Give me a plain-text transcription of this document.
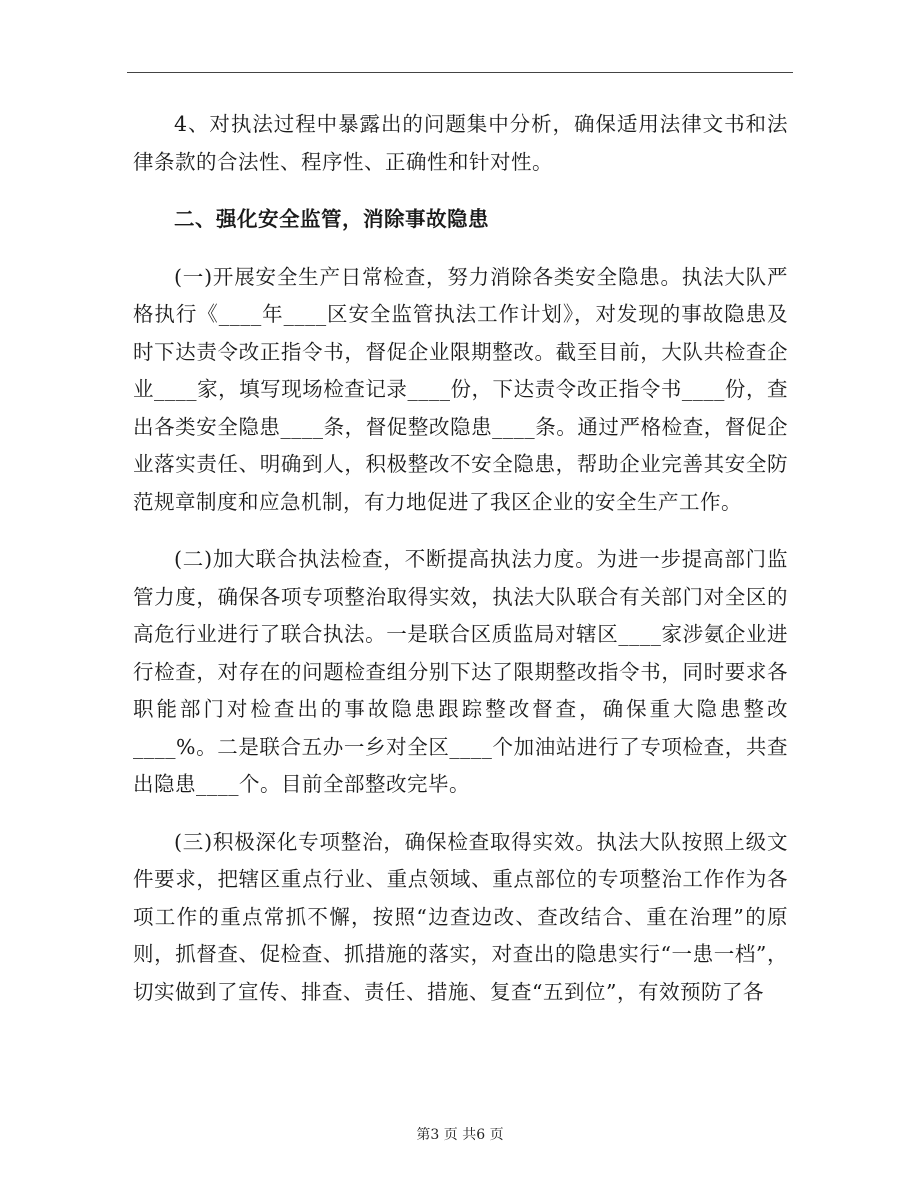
4、对执法过程中暴露出的问题集中分析，确保适用法律文书和法律条款的合法性、程序性、正确性和针对性。

二、强化安全监管，消除事故隐患

(一)开展安全生产日常检查，努力消除各类安全隐患。执法大队严格执行《____年____区安全监管执法工作计划》，对发现的事故隐患及时下达责令改正指令书，督促企业限期整改。截至目前，大队共检查企业____家，填写现场检查记录____份，下达责令改正指令书____份，查出各类安全隐患____条，督促整改隐患____条。通过严格检查，督促企业落实责任、明确到人，积极整改不安全隐患，帮助企业完善其安全防范规章制度和应急机制，有力地促进了我区企业的安全生产工作。

(二)加大联合执法检查，不断提高执法力度。为进一步提高部门监管力度，确保各项专项整治取得实效，执法大队联合有关部门对全区的高危行业进行了联合执法。一是联合区质监局对辖区____家涉氨企业进行检查，对存在的问题检查组分别下达了限期整改指令书，同时要求各职能部门对检查出的事故隐患跟踪整改督查，确保重大隐患整改____%。二是联合五办一乡对全区____个加油站进行了专项检查，共查出隐患____个。目前全部整改完毕。

(三)积极深化专项整治，确保检查取得实效。执法大队按照上级文件要求，把辖区重点行业、重点领域、重点部位的专项整治工作作为各项工作的重点常抓不懈，按照“边查边改、查改结合、重在治理”的原则，抓督查、促检查、抓措施的落实，对查出的隐患实行“一患一档”，切实做到了宣传、排查、责任、措施、复查“五到位”，有效预防了各

第3 页 共6 页
